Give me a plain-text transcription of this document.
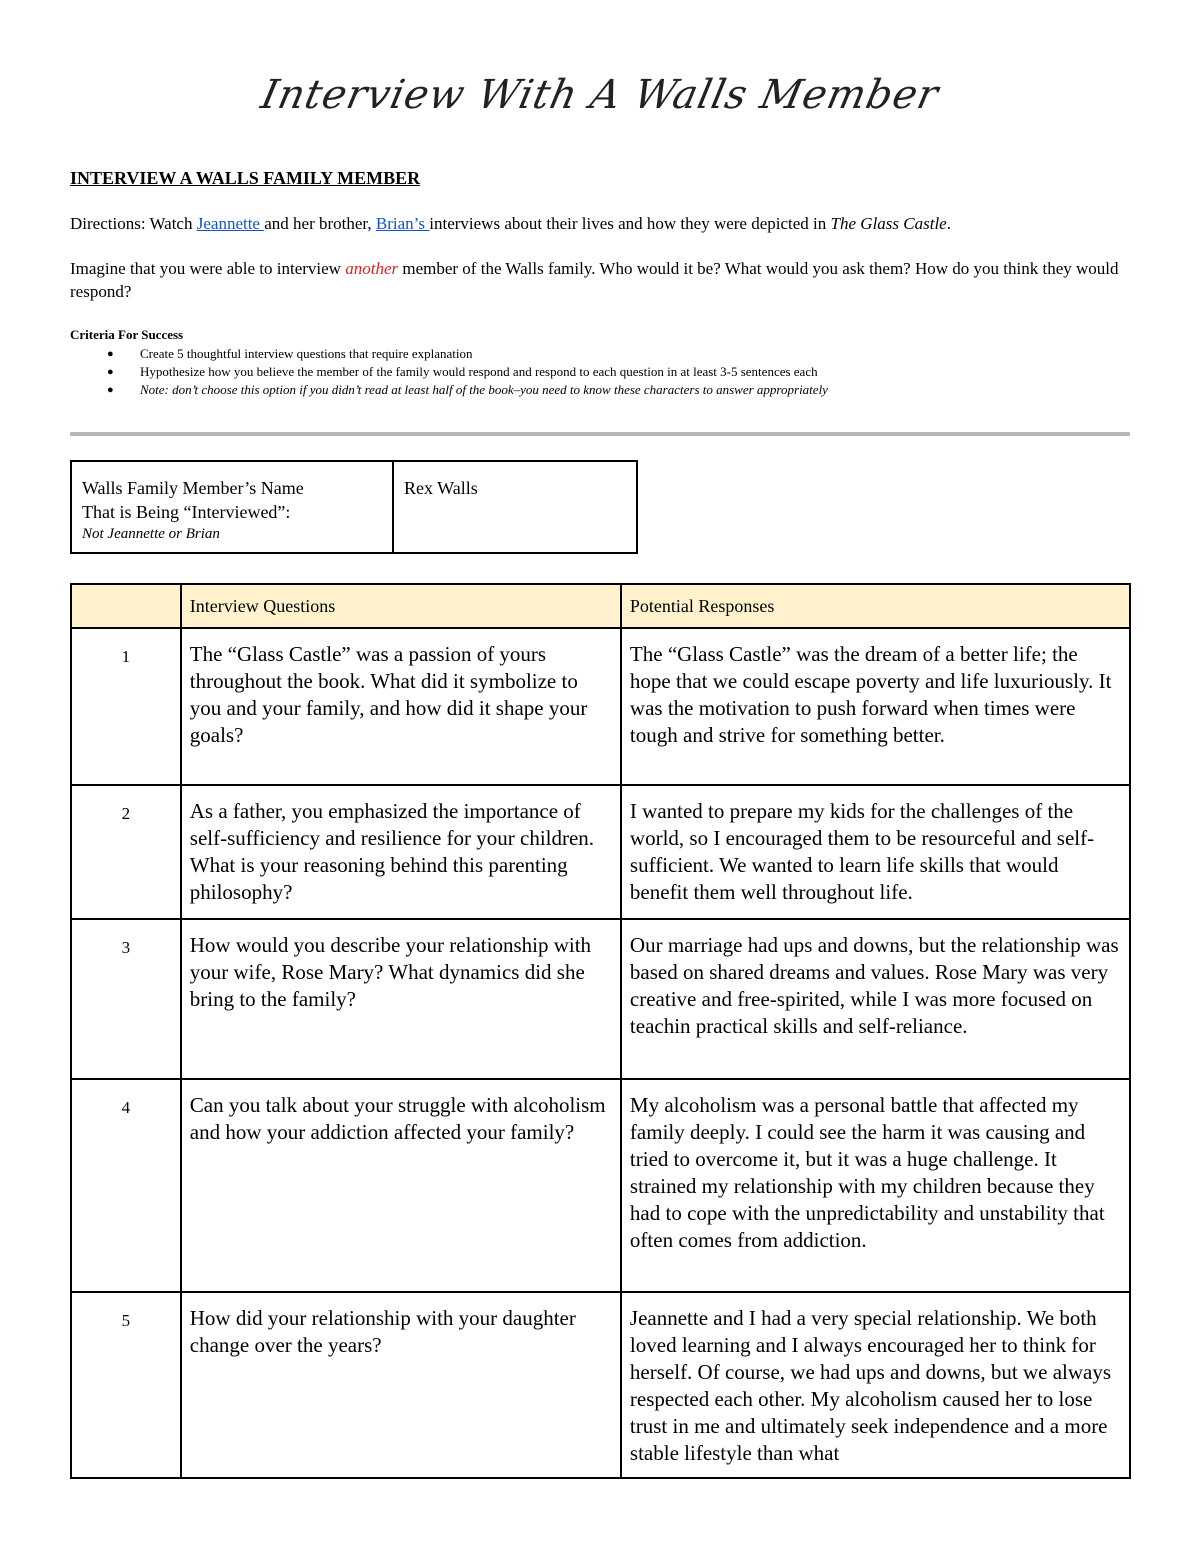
Interview With A Walls Member
INTERVIEW A WALLS FAMILY MEMBER
Directions: Watch Jeannette and her brother, Brian’s interviews about their lives and how they were depicted in The Glass Castle.
Imagine that you were able to interview another member of the Walls family. Who would it be? What would you ask them? How do you think they would respond?
Criteria For Success
● Create 5 thoughtful interview questions that require explanation
● Hypothesize how you believe the member of the family would respond and respond to each question in at least 3-5 sentences each
● Note: don’t choose this option if you didn’t read at least half of the book–you need to know these characters to answer appropriately
Walls Family Member’s Name
That is Being “Interviewed”:
Not Jeannette or Brian
	Rex Walls
	Interview Questions	Potential Responses
1	The “Glass Castle” was a passion of yours throughout the book. What did it symbolize to you and your family, and how did it shape your goals?	The “Glass Castle” was the dream of a better life; the hope that we could escape poverty and life luxuriously. It was the motivation to push forward when times were tough and strive for something better.
2	As a father, you emphasized the importance of self-sufficiency and resilience for your children. What is your reasoning behind this parenting philosophy?	I wanted to prepare my kids for the challenges of the world, so I encouraged them to be resourceful and self-sufficient. We wanted to learn life skills that would benefit them well throughout life.
3	How would you describe your relationship with your wife, Rose Mary? What dynamics did she bring to the family?	Our marriage had ups and downs, but the relationship was based on shared dreams and values. Rose Mary was very creative and free-spirited, while I was more focused on teachin practical skills and self-reliance.
4	Can you talk about your struggle with alcoholism and how your addiction affected your family?	My alcoholism was a personal battle that affected my family deeply. I could see the harm it was causing and tried to overcome it, but it was a huge challenge. It strained my relationship with my children because they had to cope with the unpredictability and unstability that often comes from addiction.
5	How did your relationship with your daughter change over the years?	Jeannette and I had a very special relationship. We both loved learning and I always encouraged her to think for herself. Of course, we had ups and downs, but we always respected each other. My alcoholism caused her to lose trust in me and ultimately seek independence and a more stable lifestyle than what
